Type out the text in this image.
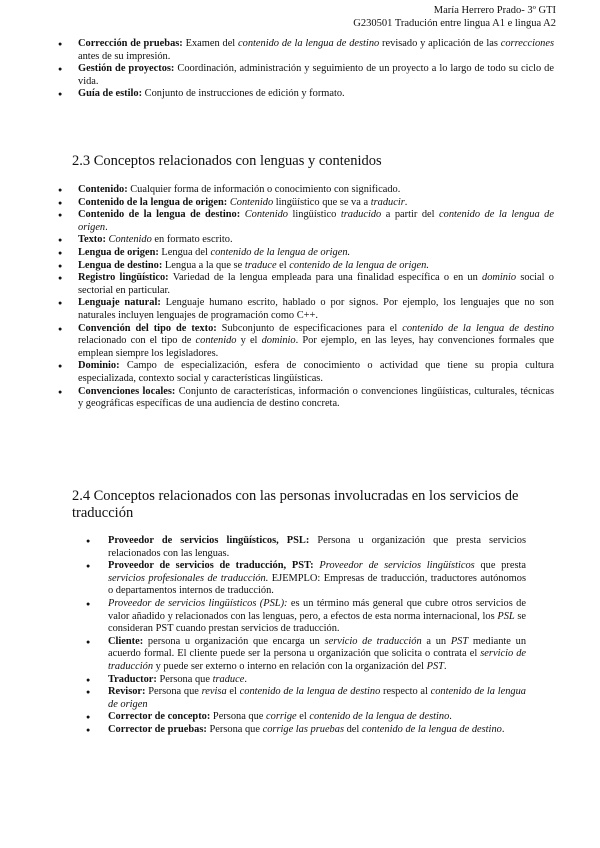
María Herrero Prado- 3º GTI
G230501 Tradución entre lingua A1 e lingua A2
● Corrección de pruebas: Examen del contenido de la lengua de destino revisado y aplicación de las correcciones antes de su impresión.
● Gestión de proyectos: Coordinación, administración y seguimiento de un proyecto a lo largo de todo su ciclo de vida.
● Guía de estilo: Conjunto de instrucciones de edición y formato.
2.3 Conceptos relacionados con lenguas y contenidos
● Contenido: Cualquier forma de información o conocimiento con significado.
● Contenido de la lengua de origen: Contenido lingüístico que se va a traducir.
● Contenido de la lengua de destino: Contenido lingüístico traducido a partir del contenido de la lengua de origen.
● Texto: Contenido en formato escrito.
● Lengua de origen: Lengua del contenido de la lengua de origen.
● Lengua de destino: Lengua a la que se traduce el contenido de la lengua de origen.
● Registro lingüístico: Variedad de la lengua empleada para una finalidad específica o en un dominio social o sectorial en particular.
● Lenguaje natural: Lenguaje humano escrito, hablado o por signos. Por ejemplo, los lenguajes que no son naturales incluyen lenguajes de programación como C++.
● Convención del tipo de texto: Subconjunto de especificaciones para el contenido de la lengua de destino relacionado con el tipo de contenido y el dominio. Por ejemplo, en las leyes, hay convenciones formales que emplean siempre los legisladores.
● Dominio: Campo de especialización, esfera de conocimiento o actividad que tiene su propia cultura especializada, contexto social y características lingüísticas.
● Convenciones locales: Conjunto de características, información o convenciones lingüísticas, culturales, técnicas y geográficas específicas de una audiencia de destino concreta.
2.4 Conceptos relacionados con las personas involucradas en los servicios de traducción
● Proveedor de servicios lingüísticos, PSL: Persona u organización que presta servicios relacionados con las lenguas.
● Proveedor de servicios de traducción, PST: Proveedor de servicios lingüísticos que presta servicios profesionales de traducción. EJEMPLO: Empresas de traducción, traductores autónomos o departamentos internos de traducción.
● Proveedor de servicios lingüísticos (PSL): es un término más general que cubre otros servicios de valor añadido y relacionados con las lenguas, pero, a efectos de esta norma internacional, los PSL se consideran PST cuando prestan servicios de traducción.
● Cliente: persona u organización que encarga un servicio de traducción a un PST mediante un acuerdo formal. El cliente puede ser la persona u organización que solicita o contrata el servicio de traducción y puede ser externo o interno en relación con la organización del PST.
● Traductor: Persona que traduce.
● Revisor: Persona que revisa el contenido de la lengua de destino respecto al contenido de la lengua de origen
● Corrector de concepto: Persona que corrige el contenido de la lengua de destino.
● Corrector de pruebas: Persona que corrige las pruebas del contenido de la lengua de destino.
